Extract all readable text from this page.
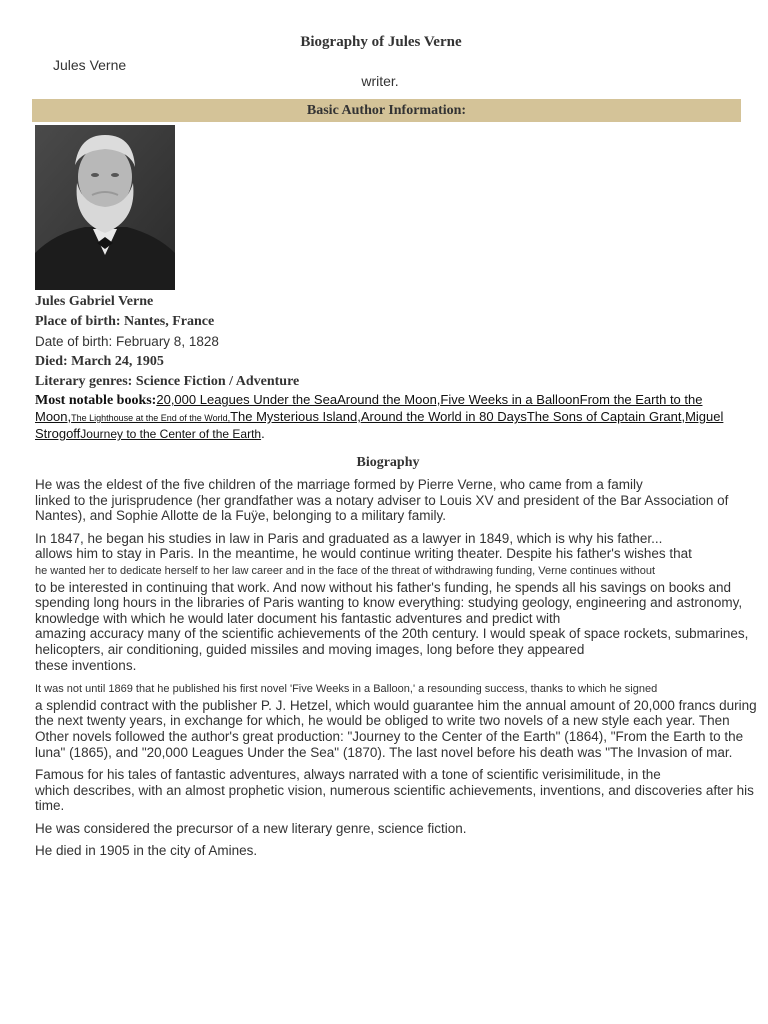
Biography of Jules Verne
Jules Verne
writer.
Basic Author Information:
Jules Gabriel Verne
Place of birth: Nantes, France
Date of birth: February 8, 1828
Died: March 24, 1905
Literary genres: Science Fiction / Adventure
Most notable books:20,000 Leagues Under the SeaAround the Moon,Five Weeks in a BalloonFrom the Earth to the Moon,The Lighthouse at the End of the World,The Mysterious Island,Around the World in 80 DaysThe Sons of Captain Grant,Miguel StrogoffJourney to the Center of the Earth.
Biography

He was the eldest of the five children of the marriage formed by Pierre Verne, who came from a family
linked to the jurisprudence (her grandfather was a notary adviser to Louis XV and president of the Bar Association of Nantes), and Sophie Allotte de la Fuÿe, belonging to a military family.

In 1847, he began his studies in law in Paris and graduated as a lawyer in 1849, which is why his father...
allows him to stay in Paris. In the meantime, he would continue writing theater. Despite his father's wishes that
he wanted her to dedicate herself to her law career and in the face of the threat of withdrawing funding, Verne continues without
to be interested in continuing that work. And now without his father's funding, he spends all his savings on books and spending long hours in the libraries of Paris wanting to know everything: studying geology, engineering and astronomy, knowledge with which he would later document his fantastic adventures and predict with
amazing accuracy many of the scientific achievements of the 20th century. I would speak of space rockets, submarines, helicopters, air conditioning, guided missiles and moving images, long before they appeared
these inventions.

It was not until 1869 that he published his first novel 'Five Weeks in a Balloon,' a resounding success, thanks to which he signed
a splendid contract with the publisher P. J. Hetzel, which would guarantee him the annual amount of 20,000 francs during the next twenty years, in exchange for which, he would be obliged to write two novels of a new style each year. Then
Other novels followed the author's great production: "Journey to the Center of the Earth" (1864), "From the Earth to the luna" (1865), and "20,000 Leagues Under the Sea" (1870). The last novel before his death was "The Invasion of mar.

Famous for his tales of fantastic adventures, always narrated with a tone of scientific verisimilitude, in the
which describes, with an almost prophetic vision, numerous scientific achievements, inventions, and discoveries after his time.

He was considered the precursor of a new literary genre, science fiction.

He died in 1905 in the city of Amines.
